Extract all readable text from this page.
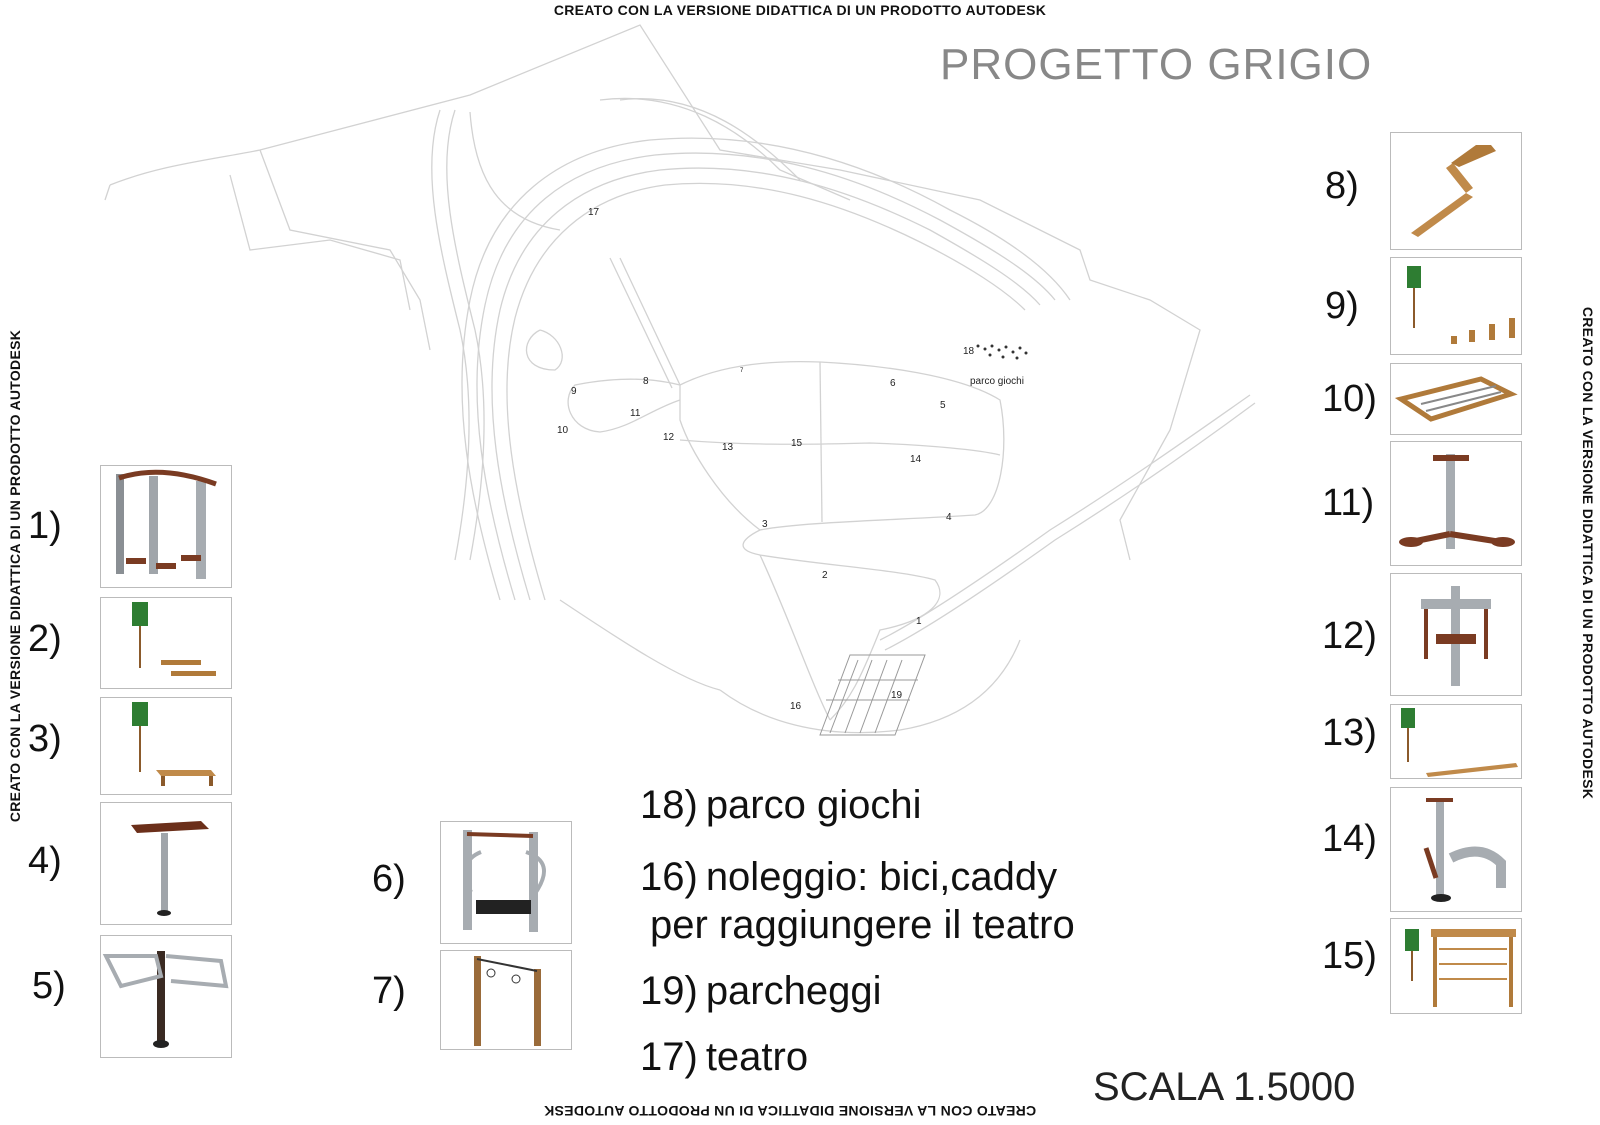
CREATO CON LA VERSIONE DIDATTICA DI UN PRODOTTO AUTODESK
CREATO CON LA VERSIONE DIDATTICA DI UN PRODOTTO AUTODESK
CREATO CON LA VERSIONE DIDATTICA DI UN PRODOTTO AUTODESK	CREATO CON LA VERSIONE DIDATTICA DI UN PRODOTTO AUTODESK
PROGETTO GRIGIO
1
2
3
4
5
6
7
8
9
10
11
12
13
14
15
16
17
18
19
parco giochi
1)
2)
3)
4)
5)
6)
7)
8)
9)
10)
11)
12)
13)
14)
15)
18) parco giochi
16) noleggio: bici,caddy
per raggiungere il teatro
19) parcheggi
17) teatro
SCALA 1.5000
